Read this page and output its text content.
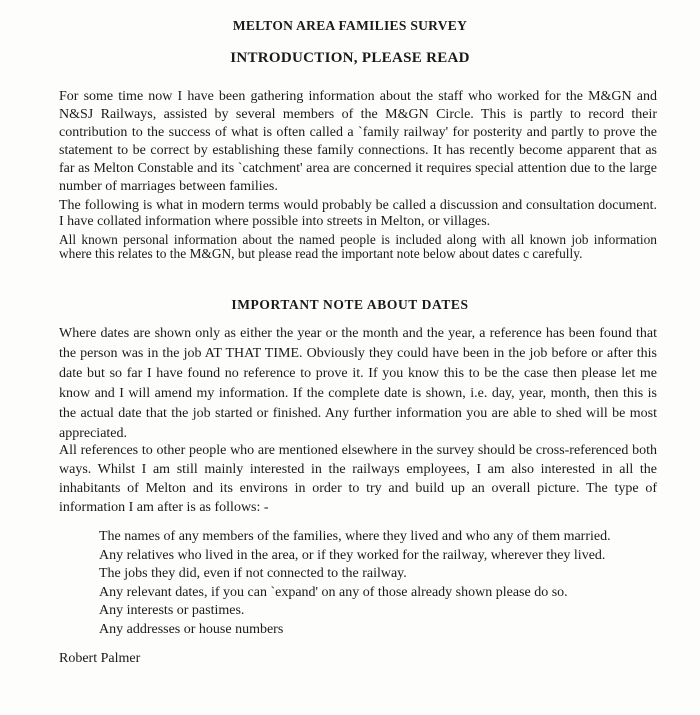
MELTON AREA FAMILIES SURVEY
INTRODUCTION, PLEASE READ

For some time now I have been gathering information about the staff who worked for the M&GN and N&SJ Railways, assisted by several members of the M&GN Circle. This is partly to record their contribution to the success of what is often called a `family railway' for posterity and partly to prove the statement to be correct by establishing these family connections. It has recently become apparent that as far as Melton Constable and its `catchment' area are concerned it requires special attention due to the large number of marriages between families.

The following is what in modern terms would probably be called a discussion and consultation document. I have collated information where possible into streets in Melton, or villages.

All known personal information about the named people is included along with all known job information where this relates to the M&GN, but please read the important note below about dates c carefully.

IMPORTANT NOTE ABOUT DATES

Where dates are shown only as either the year or the month and the year, a reference has been found that the person was in the job AT THAT TIME. Obviously they could have been in the job before or after this date but so far I have found no reference to prove it. If you know this to be the case then please let me know and I will amend my information. If the complete date is shown, i.e. day, year, month, then this is the actual date that the job started or finished. Any further information you are able to shed will be most appreciated.

All references to other people who are mentioned elsewhere in the survey should be cross-referenced both ways. Whilst I am still mainly interested in the railways employees, I am also interested in all the inhabitants of Melton and its environs in order to try and build up an overall picture. The type of information I am after is as follows: -

The names of any members of the families, where they lived and who any of them married.
Any relatives who lived in the area, or if they worked for the railway, wherever they lived.
The jobs they did, even if not connected to the railway.
Any relevant dates, if you can `expand' on any of those already shown please do so.
Any interests or pastimes.
Any addresses or house numbers

Robert Palmer
